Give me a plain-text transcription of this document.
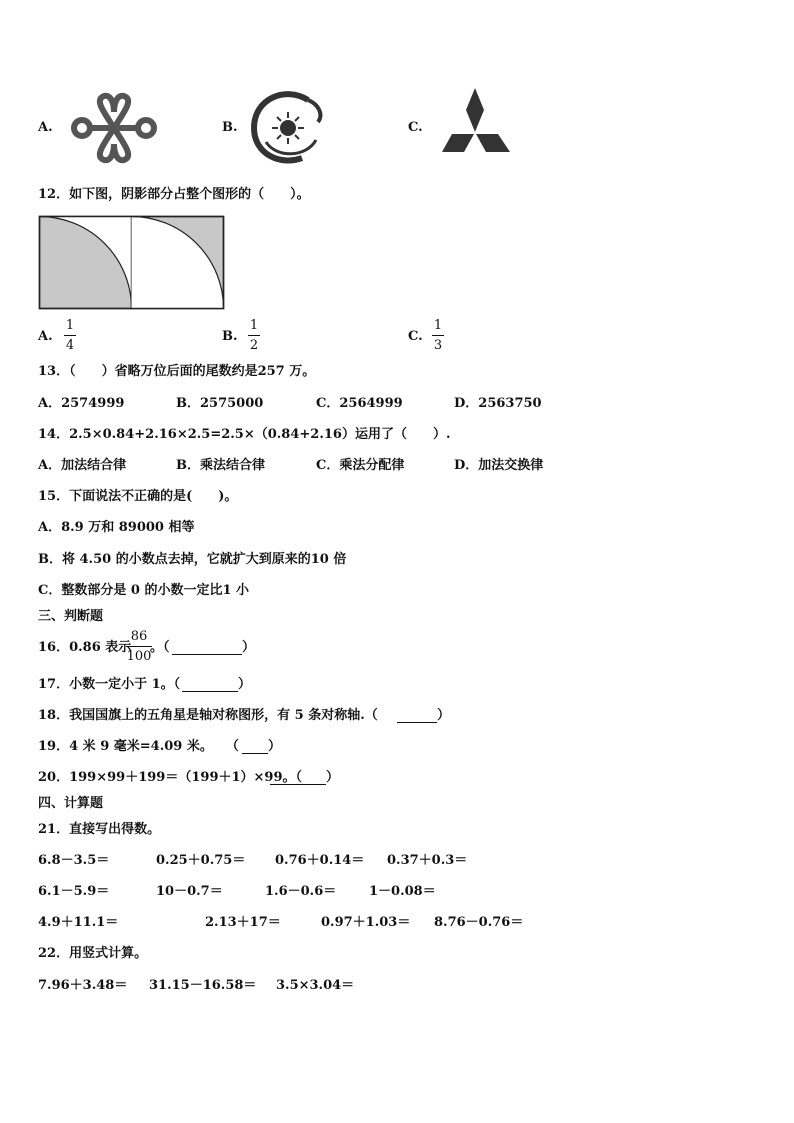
A.	B.	C.
12．如下图，阴影部分占整个图形的（　　）。
A.
1
4
B.
1
2
C.
1
3
13．（　　）省略万位后面的尾数约是257 万。
A．2574999	B．2575000	C．2564999	D．2563750
14．2.5×0.84+2.16×2.5=2.5×（0.84+2.16）运用了（　　）.
A．加法结合律	B．乘法结合律	C．乘法分配律	D．加法交换律
15．下面说法不正确的是(　　)。
A．8.9 万和 89000 相等
B．将 4.50 的小数点去掉，它就扩大到原来的10 倍
C．整数部分是 0 的小数一定比1 小
三、判断题
16．0.86 表示
86
100
。（	）
17．小数一定小于 1。（	）
18．我国国旗上的五角星是轴对称图形，有 5 条对称轴.（	）
19．4 米 9 毫米=4.09 米。　　（ ）
20．199×99＋199＝（199＋1）×99。（ ）
四、计算题
21．直接写出得数。
6.8－3.5＝	0.25＋0.75＝ 0.76＋0.14＝ 0.37＋0.3＝
6.1－5.9＝	10－0.7＝	1.6－0.6＝	1－0.08＝
4.9＋11.1＝	2.13＋17＝	0.97＋1.03＝ 8.76－0.76＝
22．用竖式计算。
7.96＋3.48＝ 31.15－16.58＝ 3.5×3.04＝
